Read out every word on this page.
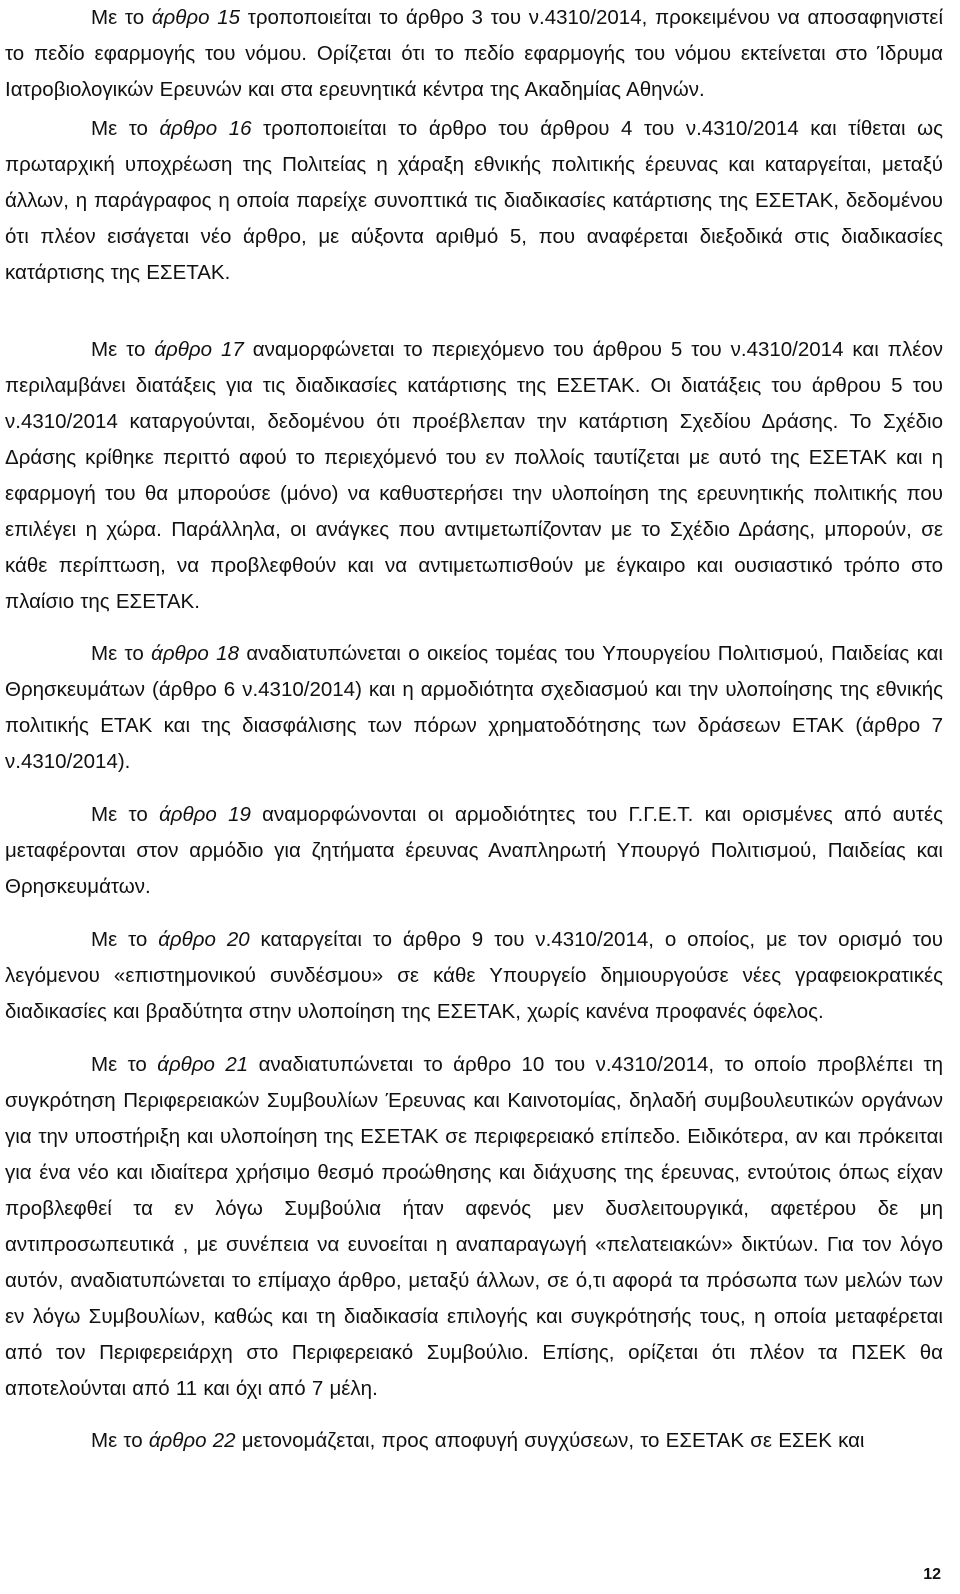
Με το άρθρο 15 τροποποιείται το άρθρο 3 του ν.4310/2014, προκειμένου να αποσαφηνιστεί το πεδίο εφαρμογής του νόμου. Ορίζεται ότι το πεδίο εφαρμογής του νόμου εκτείνεται στο Ίδρυμα Ιατροβιολογικών Ερευνών και στα ερευνητικά κέντρα της Ακαδημίας Αθηνών.

Με το άρθρο 16 τροποποιείται το άρθρο του άρθρου 4 του ν.4310/2014 και τίθεται ως πρωταρχική υποχρέωση της Πολιτείας η χάραξη εθνικής πολιτικής έρευνας και καταργείται, μεταξύ άλλων, η παράγραφος η οποία παρείχε συνοπτικά τις διαδικασίες κατάρτισης της ΕΣΕΤΑΚ, δεδομένου ότι πλέον εισάγεται νέο άρθρο, με αύξοντα αριθμό 5, που αναφέρεται διεξοδικά στις διαδικασίες κατάρτισης της ΕΣΕΤΑΚ.

Με το άρθρο 17 αναμορφώνεται το περιεχόμενο του άρθρου 5 του ν.4310/2014 και πλέον περιλαμβάνει διατάξεις για τις διαδικασίες κατάρτισης της ΕΣΕΤΑΚ. Οι διατάξεις του άρθρου 5 του ν.4310/2014 καταργούνται, δεδομένου ότι προέβλεπαν την κατάρτιση Σχεδίου Δράσης. Το Σχέδιο Δράσης κρίθηκε περιττό αφού το περιεχόμενό του εν πολλοίς ταυτίζεται με αυτό της ΕΣΕΤΑΚ και η εφαρμογή του θα μπορούσε (μόνο) να καθυστερήσει την υλοποίηση της ερευνητικής πολιτικής που επιλέγει η χώρα. Παράλληλα, οι ανάγκες που αντιμετωπίζονταν με το Σχέδιο Δράσης, μπορούν, σε κάθε περίπτωση, να προβλεφθούν και να αντιμετωπισθούν με έγκαιρο και ουσιαστικό τρόπο στο πλαίσιο της ΕΣΕΤΑΚ.

Με το άρθρο 18 αναδιατυπώνεται ο οικείος τομέας του Υπουργείου Πολιτισμού, Παιδείας και Θρησκευμάτων (άρθρο 6 ν.4310/2014) και η αρμοδιότητα σχεδιασμού και την υλοποίησης της εθνικής πολιτικής ΕΤΑΚ και της διασφάλισης των πόρων χρηματοδότησης των δράσεων ΕΤΑΚ (άρθρο 7 ν.4310/2014).

Με το άρθρο 19 αναμορφώνονται οι αρμοδιότητες του Γ.Γ.Ε.Τ. και ορισμένες από αυτές μεταφέρονται στον αρμόδιο για ζητήματα έρευνας Αναπληρωτή Υπουργό Πολιτισμού, Παιδείας και Θρησκευμάτων.

Με το άρθρο 20 καταργείται το άρθρο 9 του ν.4310/2014, ο οποίος, με τον ορισμό του λεγόμενου «επιστημονικού συνδέσμου» σε κάθε Υπουργείο δημιουργούσε νέες γραφειοκρατικές διαδικασίες και βραδύτητα στην υλοποίηση της ΕΣΕΤΑΚ, χωρίς κανένα προφανές όφελος.

Με το άρθρο 21 αναδιατυπώνεται το άρθρο 10 του ν.4310/2014, το οποίο προβλέπει τη συγκρότηση Περιφερειακών Συμβουλίων Έρευνας και Καινοτομίας, δηλαδή συμβουλευτικών οργάνων για την υποστήριξη και υλοποίηση της ΕΣΕΤΑΚ σε περιφερειακό επίπεδο. Ειδικότερα, αν και πρόκειται για ένα νέο και ιδιαίτερα χρήσιμο θεσμό προώθησης και διάχυσης της έρευνας, εντούτοις όπως είχαν προβλεφθεί τα εν λόγω Συμβούλια ήταν αφενός μεν δυσλειτουργικά, αφετέρου δε μη αντιπροσωπευτικά , με συνέπεια να ευνοείται η αναπαραγωγή «πελατειακών» δικτύων. Για τον λόγο αυτόν, αναδιατυπώνεται το επίμαχο άρθρο, μεταξύ άλλων, σε ό,τι αφορά τα πρόσωπα των μελών των εν λόγω Συμβουλίων, καθώς και τη διαδικασία επιλογής και συγκρότησής τους, η οποία μεταφέρεται από τον Περιφερειάρχη στο Περιφερειακό Συμβούλιο. Επίσης, ορίζεται ότι πλέον τα ΠΣΕΚ θα αποτελούνται από 11 και όχι από 7 μέλη.

Με το άρθρο 22 μετονομάζεται, προς αποφυγή συγχύσεων, το ΕΣΕΤΑΚ σε ΕΣΕΚ και

12
